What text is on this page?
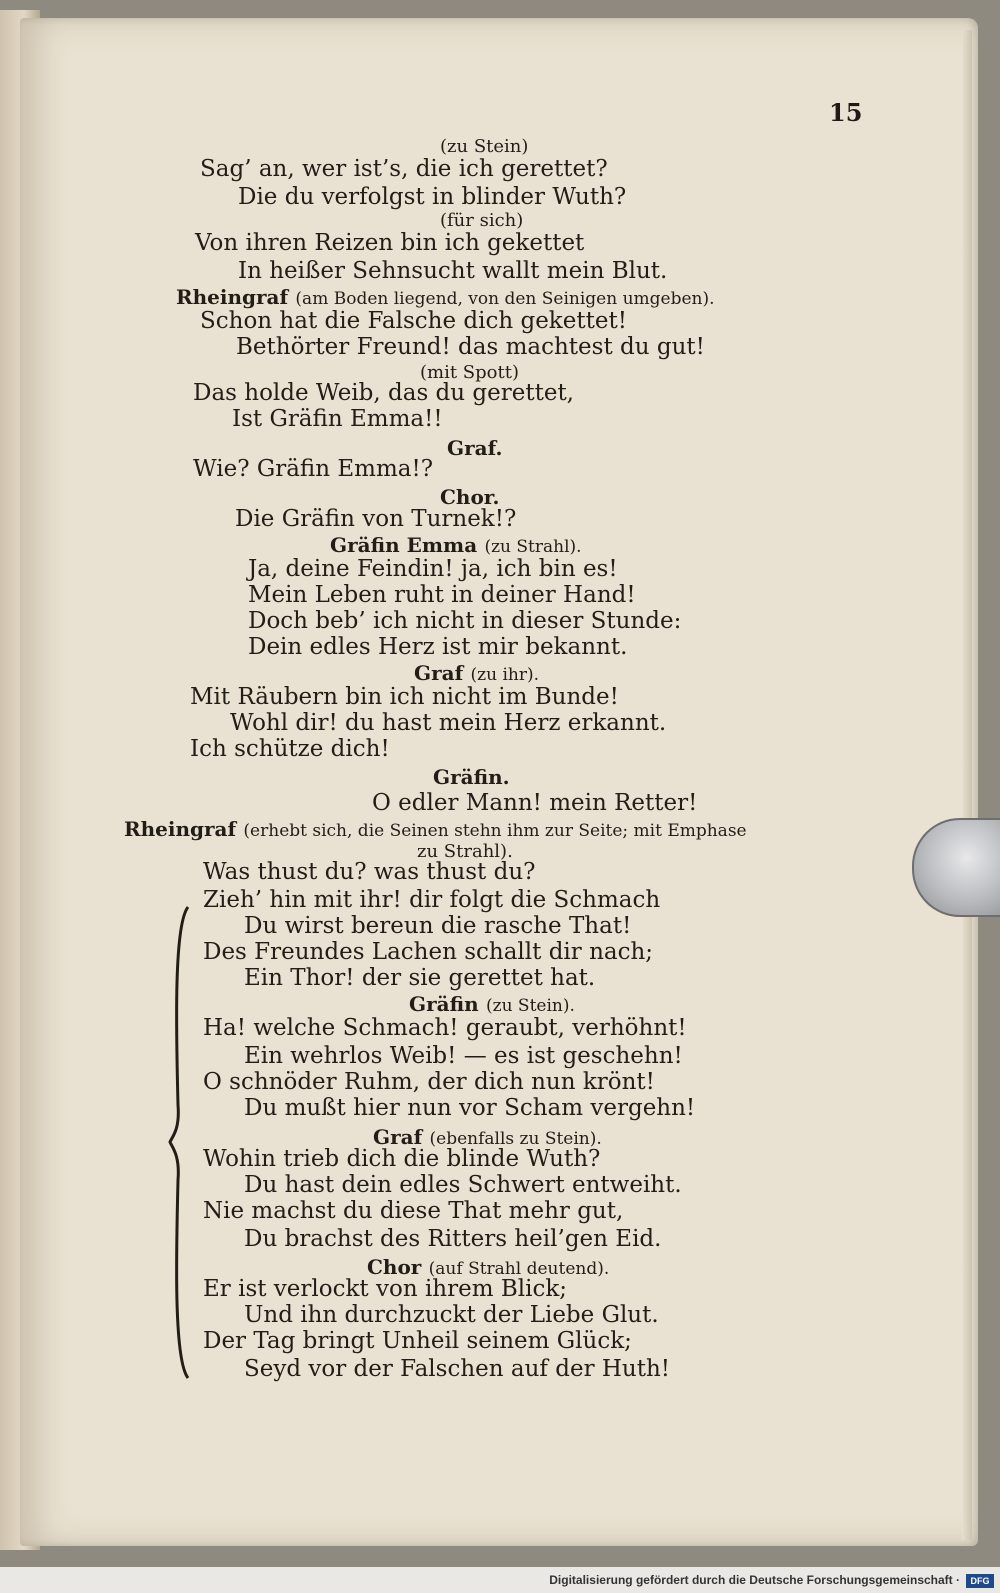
15
(zu Stein)
Sag’ an, wer ist’s, die ich gerettet?
Die du verfolgst in blinder Wuth?
(für sich)
Von ihren Reizen bin ich gekettet
In heißer Sehnsucht wallt mein Blut.
Rheingraf (am Boden liegend, von den Seinigen umgeben).
Schon hat die Falsche dich gekettet!
Bethörter Freund! das machtest du gut!
(mit Spott)
Das holde Weib, das du gerettet,
Ist Gräfin Emma!!
Graf.
Wie? Gräfin Emma!?
Chor.
Die Gräfin von Turnek!?
Gräfin Emma (zu Strahl).
Ja, deine Feindin! ja, ich bin es!
Mein Leben ruht in deiner Hand!
Doch beb’ ich nicht in dieser Stunde:
Dein edles Herz ist mir bekannt.
Graf (zu ihr).
Mit Räubern bin ich nicht im Bunde!
Wohl dir! du hast mein Herz erkannt.
Ich schütze dich!
Gräfin.
O edler Mann! mein Retter!
Rheingraf (erhebt sich, die Seinen stehn ihm zur Seite; mit Emphase
zu Strahl).
Was thust du? was thust du?
Zieh’ hin mit ihr! dir folgt die Schmach
Du wirst bereun die rasche That!
Des Freundes Lachen schallt dir nach;
Ein Thor! der sie gerettet hat.
Gräfin (zu Stein).
Ha! welche Schmach! geraubt, verhöhnt!
Ein wehrlos Weib! — es ist geschehn!
O schnöder Ruhm, der dich nun krönt!
Du mußt hier nun vor Scham vergehn!
Graf (ebenfalls zu Stein).
Wohin trieb dich die blinde Wuth?
Du hast dein edles Schwert entweiht.
Nie machst du diese That mehr gut,
Du brachst des Ritters heil’gen Eid.
Chor (auf Strahl deutend).
Er ist verlockt von ihrem Blick;
Und ihn durchzuckt der Liebe Glut.
Der Tag bringt Unheil seinem Glück;
Seyd vor der Falschen auf der Huth!
Digitalisierung gefördert durch die Deutsche Forschungsgemeinschaft ·	DFG
